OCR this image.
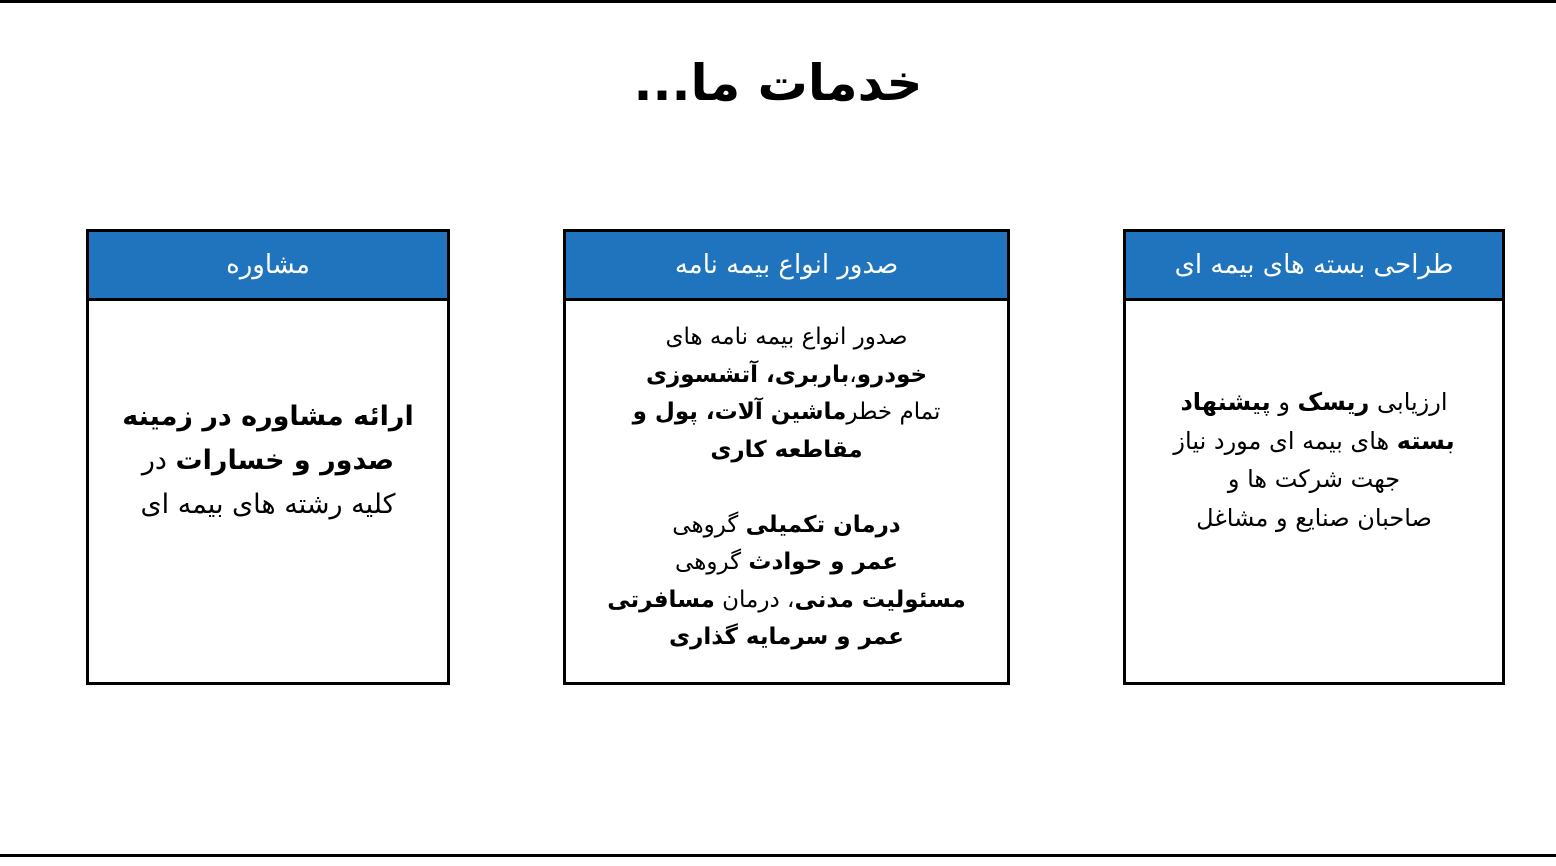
خدمات ما...
طراحی بسته های بیمه ای
ارزیابی ریسک و پیشنهاد
بسته های بیمه ای مورد نیاز
جهت شرکت ها و
صاحبان صنایع و مشاغل
صدور انواع بیمه نامه
صدور انواع بیمه نامه های
خودرو،باربری، آتشسوزی
تمام خطرماشین آلات، پول و
مقاطعه کاری
درمان تکمیلی گروهی
عمر و حوادث گروهی
مسئولیت مدنی، درمان مسافرتی
عمر و سرمایه گذاری
مشاوره
ارائه مشاوره در زمینه
صدور و خسارات در
کلیه رشته های بیمه ای
